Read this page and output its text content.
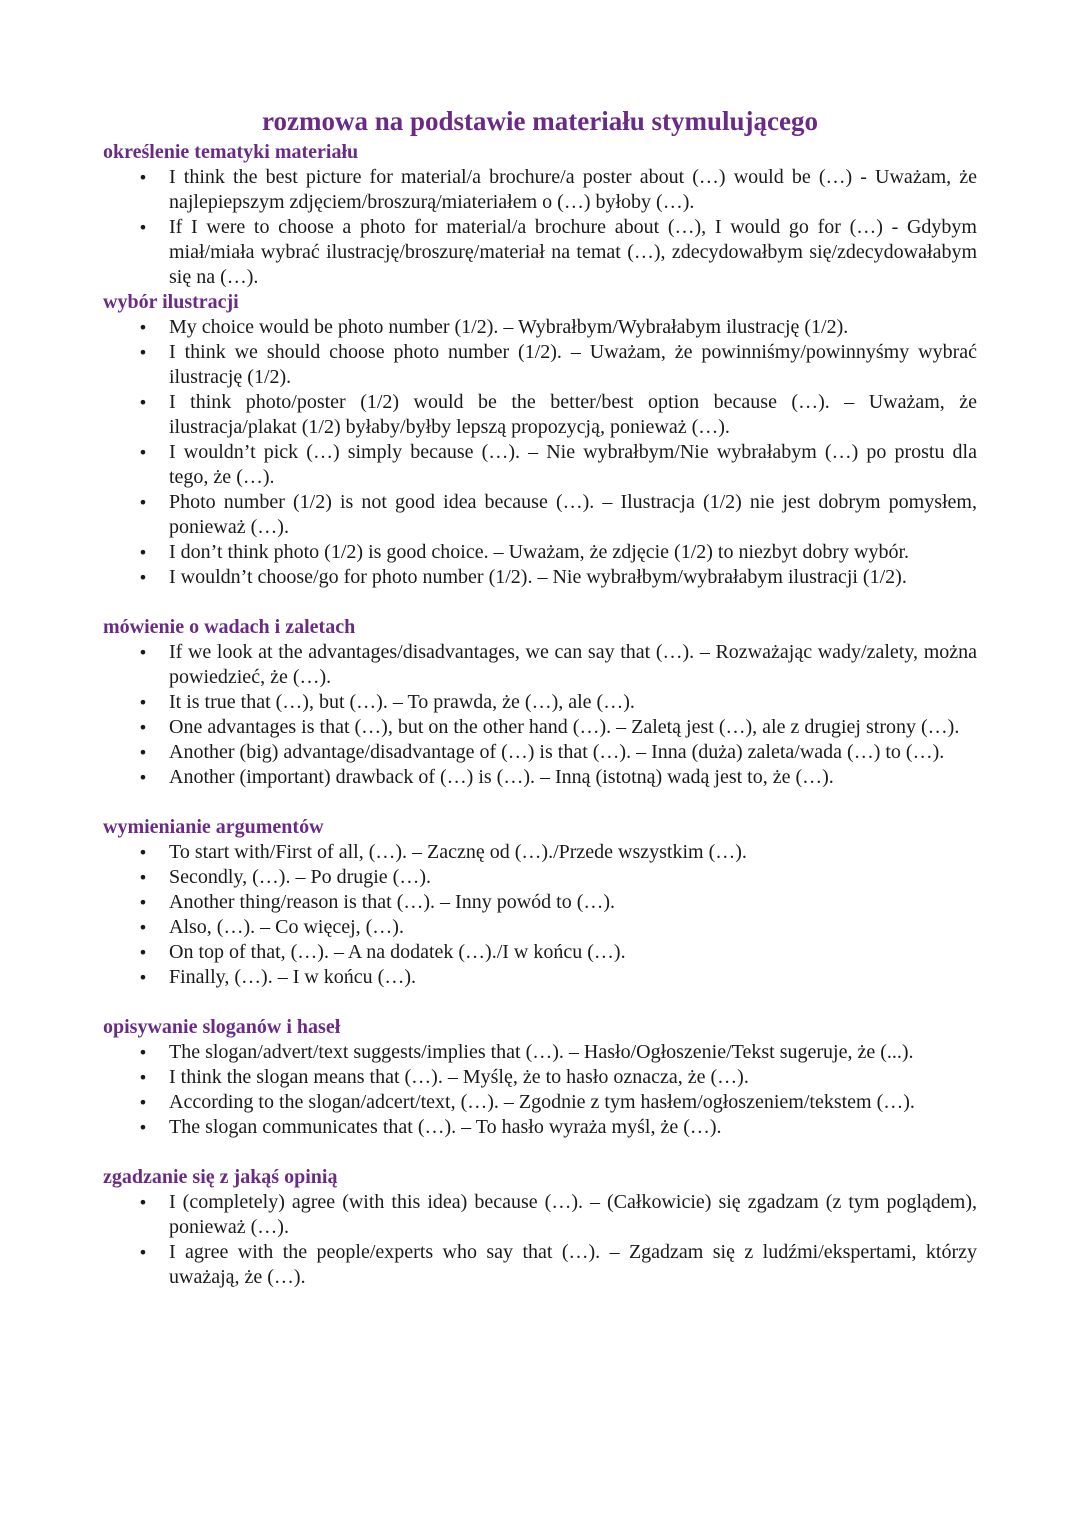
rozmowa na podstawie materiału stymulującego
określenie tematyki materiału
• I think the best picture for material/a brochure/a poster about (…) would be (…) - Uważam, że najlepiepszym zdjęciem/broszurą/miateriałem o (…) byłoby (…).
• If I were to choose a photo for material/a brochure about (…), I would go for (…) - Gdybym miał/miała wybrać ilustrację/broszurę/materiał na temat (…), zdecydowałbym się/zdecydowałabym się na (…).
wybór ilustracji
• My choice would be photo number (1/2). – Wybrałbym/Wybrałabym ilustrację (1/2).
• I think we should choose photo number (1/2). – Uważam, że powinniśmy/powinnyśmy wybrać ilustrację (1/2).
• I think photo/poster (1/2) would be the better/best option because (…). – Uważam, że ilustracja/plakat (1/2) byłaby/byłby lepszą propozycją, ponieważ (…).
• I wouldn’t pick (…) simply because (…). – Nie wybrałbym/Nie wybrałabym (…) po prostu dla tego, że (…).
• Photo number (1/2) is not good idea because (…). – Ilustracja (1/2) nie jest dobrym pomysłem, ponieważ (…).
• I don’t think photo (1/2) is good choice. – Uważam, że zdjęcie (1/2) to niezbyt dobry wybór.
• I wouldn’t choose/go for photo number (1/2). – Nie wybrałbym/wybrałabym ilustracji (1/2).
mówienie o wadach i zaletach
• If we look at the advantages/disadvantages, we can say that (…). – Rozważając wady/zalety, można powiedzieć, że (…).
• It is true that (…), but (…). – To prawda, że (…), ale (…).
• One advantages is that (…), but on the other hand (…). – Zaletą jest (…), ale z drugiej strony (…).
• Another (big) advantage/disadvantage of (…) is that (…). – Inna (duża) zaleta/wada (…) to (…).
• Another (important) drawback of (…) is (…). – Inną (istotną) wadą jest to, że (…).
wymienianie argumentów
• To start with/First of all, (…). – Zacznę od (…)./Przede wszystkim (…).
• Secondly, (…). – Po drugie (…).
• Another thing/reason is that (…). – Inny powód to (…).
• Also, (…). – Co więcej, (…).
• On top of that, (…). – A na dodatek (…)./I w końcu (…).
• Finally, (…). – I w końcu (…).
opisywanie sloganów i haseł
• The slogan/advert/text suggests/implies that (…). – Hasło/Ogłoszenie/Tekst sugeruje, że (...).
• I think the slogan means that (…). – Myślę, że to hasło oznacza, że (…).
• According to the slogan/adcert/text, (…). – Zgodnie z tym hasłem/ogłoszeniem/tekstem (…).
• The slogan communicates that (…). – To hasło wyraża myśl, że (…).
zgadzanie się z jakąś opinią
• I (completely) agree (with this idea) because (…). – (Całkowicie) się zgadzam (z tym poglądem), ponieważ (…).
• I agree with the people/experts who say that (…). – Zgadzam się z ludźmi/ekspertami, którzy uważają, że (…).
